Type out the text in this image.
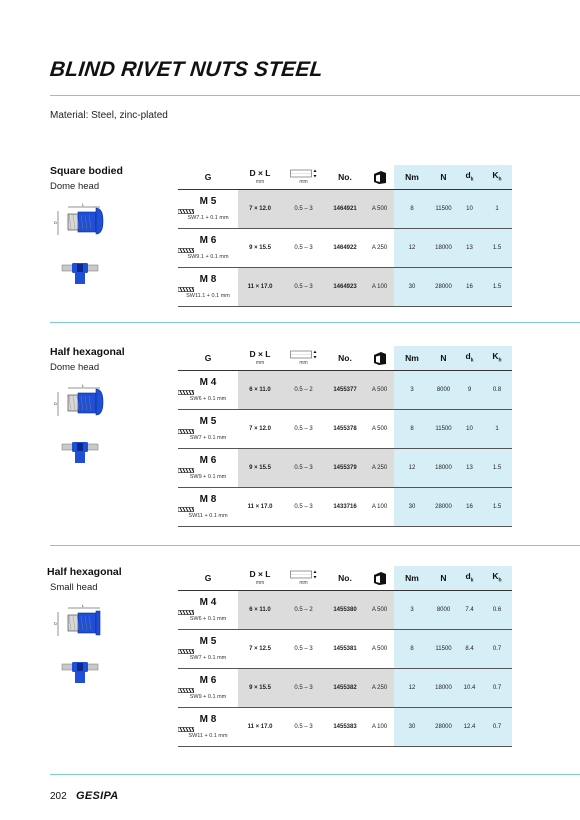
BLIND RIVET NUTS STEEL
Material: Steel, zinc-plated
Square bodied
Dome head
L
D
G	D × L
mm	mm	No.		Nm	N	$d_k$	$K_h$

M 5
SW7.1 + 0.1 mm	7 × 12.0	0.5 – 3	1464921	A 500	8	11500	10	1

M 6
SW9.1 + 0.1 mm	9 × 15.5	0.5 – 3	1464922	A 250	12	18000	13	1.5

M 8
SW11.1 + 0.1 mm	11 × 17.0	0.5 – 3	1464923	A 100	30	28000	16	1.5
Half hexagonal
Dome head
L
D
G	D × L
mm	mm	No.		Nm	N	$d_k$	$K_h$

M 4
SW6 + 0.1 mm	6 × 11.0	0.5 – 2	1455377	A 500	3	8000	9	0.8

M 5
SW7 + 0.1 mm	7 × 12.0	0.5 – 3	1455378	A 500	8	11500	10	1

M 6
SW9 + 0.1 mm	9 × 15.5	0.5 – 3	1455379	A 250	12	18000	13	1.5

M 8
SW11 + 0.1 mm	11 × 17.0	0.5 – 3	1433716	A 100	30	28000	16	1.5
Half hexagonal
Small head
L
D
G	D × L
mm	mm	No.		Nm	N	$d_k$	$K_h$

M 4
SW6 + 0.1 mm	6 × 11.0	0.5 – 2	1455380	A 500	3	8000	7.4	0.6

M 5
SW7 + 0.1 mm	7 × 12.5	0.5 – 3	1455381	A 500	8	11500	8.4	0.7

M 6
SW9 + 0.1 mm	9 × 15.5	0.5 – 3	1455382	A 250	12	18000	10.4	0.7

M 8
SW11 + 0.1 mm	11 × 17.0	0.5 – 3	1455383	A 100	30	28000	12.4	0.7
202 GESIPA
